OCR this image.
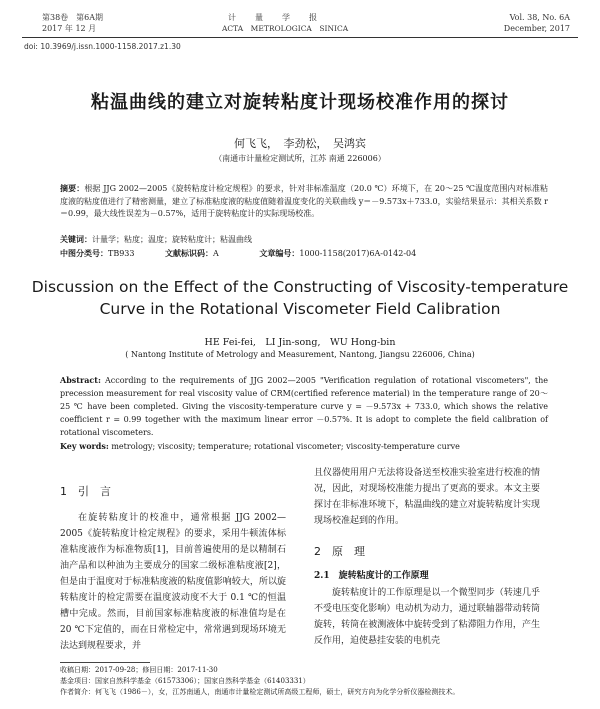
第38卷　第6A期
2017 年 12 月
计　　量　　学　　报
ACTA　METROLOGICA　SINICA
Vol. 38, No. 6A
December, 2017
doi: 10.3969/j.issn.1000-1158.2017.z1.30
粘温曲线的建立对旋转粘度计现场校准作用的探讨
何飞飞，　李劲松，　吴鸿宾
（南通市计量检定测试所，江苏 南通 226006）
摘要：根据 JJG 2002—2005《旋转粘度计检定规程》的要求，针对非标准温度（20.0 ℃）环境下，在 20～25 ℃温度范围内对标准粘度液的粘度值进行了精密测量，建立了标准粘度液的粘度值随着温度变化的关联曲线 y＝－9.573x＋733.0，实验结果显示：其相关系数 r＝0.99，最大线性误差为－0.57%，适用于旋转粘度计的实际现场校准。
关键词：计量学；粘度；温度；旋转粘度计；粘温曲线
中图分类号：TB933	文献标识码：A	文章编号：1000-1158(2017)6A-0142-04
Discussion on the Effect of the Constructing of Viscosity-temperature
Curve in the Rotational Viscometer Field Calibration
HE Fei-fei,　LI Jin-song,　WU Hong-bin
( Nantong Institute of Metrology and Measurement, Nantong, Jiangsu 226006, China)
Abstract: According to the requirements of JJG 2002—2005 "Verification regulation of rotational viscometers", the precession measurement for real viscosity value of CRM(certified reference material) in the temperature range of 20～25 ℃ have been completed. Giving the viscosity-temperature curve y = －9.573x + 733.0, which shows the relative coefficient r = 0.99 together with the maximum linear error －0.57%. It is adopt to complete the field calibration of rotational viscometers.
Key words: metrology; viscosity; temperature; rotational viscometer; viscosity-temperature curve
1　引　言
在旋转粘度计的校准中，通常根据 JJG 2002—2005《旋转粘度计检定规程》的要求，采用牛顿流体标准粘度液作为标准物质[1]，目前普遍使用的是以精制石油产品和以种油为主要成分的国家二级标准粘度液[2]，但是由于温度对于标准粘度液的粘度值影响较大，所以旋转粘度计的检定需要在温度波动度不大于 0.1 ℃的恒温槽中完成。然而，目前国家标准粘度液的标准值均是在 20 ℃下定值的，而在日常检定中，常常遇到现场环境无法达到规程要求，并
且仪器使用用户无法将设备送至校准实验室进行校准的情况，因此，对现场校准能力提出了更高的要求。本文主要探讨在非标准环境下，粘温曲线的建立对旋转粘度计实现现场校准起到的作用。
2　原　理
2.1　旋转粘度计的工作原理
旋转粘度计的工作原理是以一个微型同步（转速几乎不受电压变化影响）电动机为动力，通过联轴器带动转筒旋转，转筒在被测液体中旋转受到了粘滞阻力作用，产生反作用，迫使悬挂安装的电机壳
收稿日期：2017-09-28；修回日期：2017-11-30
基金项目：国家自然科学基金（61573306）；国家自然科学基金（61403331）
作者简介：何飞飞（1986－），女，江苏南通人，南通市计量检定测试所高级工程师，硕士，研究方向为化学分析仪器检测技术。
